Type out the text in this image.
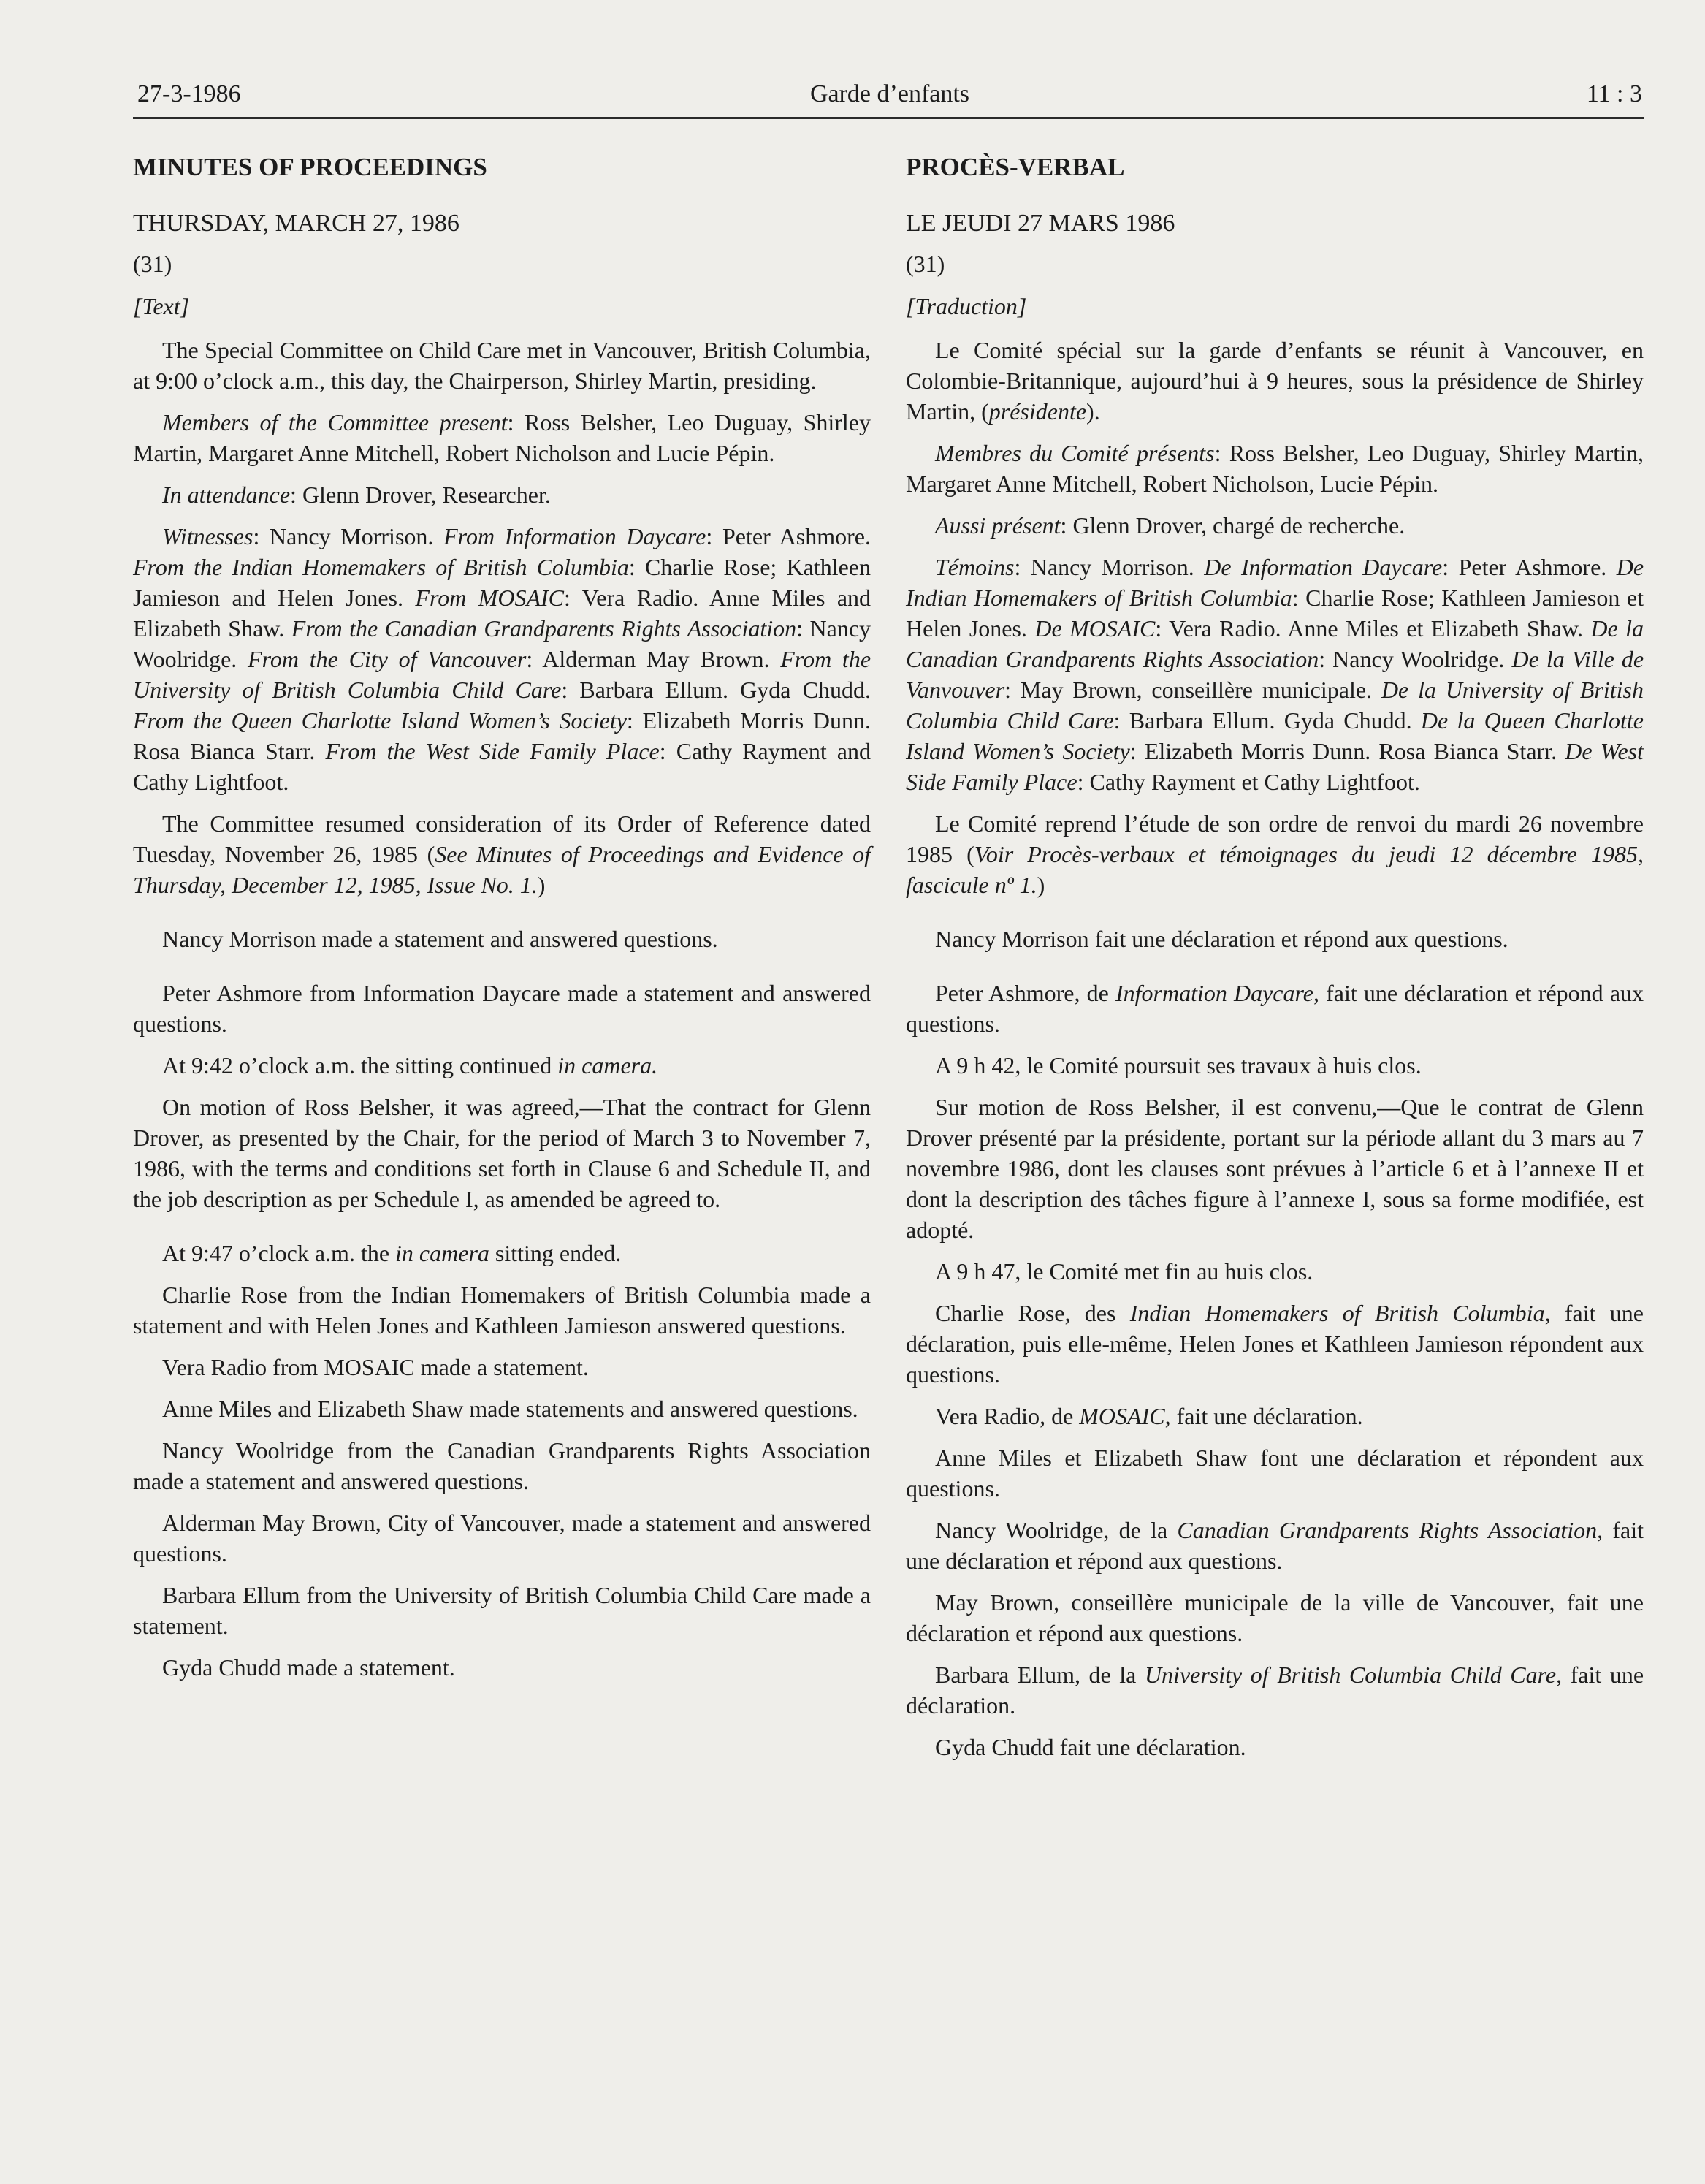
27-3-1986	Garde d’enfants	11 : 3

MINUTES OF PROCEEDINGS

THURSDAY, MARCH 27, 1986

(31)

[Text]

The Special Committee on Child Care met in Vancouver, British Columbia, at 9:00 o’clock a.m., this day, the Chairperson, Shirley Martin, presiding.

Members of the Committee present: Ross Belsher, Leo Duguay, Shirley Martin, Margaret Anne Mitchell, Robert Nicholson and Lucie Pépin.

In attendance: Glenn Drover, Researcher.

Witnesses: Nancy Morrison. From Information Daycare: Peter Ashmore. From the Indian Homemakers of British Columbia: Charlie Rose; Kathleen Jamieson and Helen Jones. From MOSAIC: Vera Radio. Anne Miles and Elizabeth Shaw. From the Canadian Grandparents Rights Association: Nancy Woolridge. From the City of Vancouver: Alderman May Brown. From the University of British Columbia Child Care: Barbara Ellum. Gyda Chudd. From the Queen Charlotte Island Women’s Society: Elizabeth Morris Dunn. Rosa Bianca Starr. From the West Side Family Place: Cathy Rayment and Cathy Lightfoot.

The Committee resumed consideration of its Order of Reference dated Tuesday, November 26, 1985 (See Minutes of Proceedings and Evidence of Thursday, December 12, 1985, Issue No. 1.)

Nancy Morrison made a statement and answered questions.

Peter Ashmore from Information Daycare made a statement and answered questions.

At 9:42 o’clock a.m. the sitting continued in camera.

On motion of Ross Belsher, it was agreed,—That the contract for Glenn Drover, as presented by the Chair, for the period of March 3 to November 7, 1986, with the terms and conditions set forth in Clause 6 and Schedule II, and the job description as per Schedule I, as amended be agreed to.

At 9:47 o’clock a.m. the in camera sitting ended.

Charlie Rose from the Indian Homemakers of British Columbia made a statement and with Helen Jones and Kathleen Jamieson answered questions.

Vera Radio from MOSAIC made a statement.

Anne Miles and Elizabeth Shaw made statements and answered questions.

Nancy Woolridge from the Canadian Grandparents Rights Association made a statement and answered questions.

Alderman May Brown, City of Vancouver, made a statement and answered questions.

Barbara Ellum from the University of British Columbia Child Care made a statement.

Gyda Chudd made a statement.

PROCÈS-VERBAL

LE JEUDI 27 MARS 1986

(31)

[Traduction]

Le Comité spécial sur la garde d’enfants se réunit à Vancouver, en Colombie-Britannique, aujourd’hui à 9 heures, sous la présidence de Shirley Martin, (présidente).

Membres du Comité présents: Ross Belsher, Leo Duguay, Shirley Martin, Margaret Anne Mitchell, Robert Nicholson, Lucie Pépin.

Aussi présent: Glenn Drover, chargé de recherche.

Témoins: Nancy Morrison. De Information Daycare: Peter Ashmore. De Indian Homemakers of British Columbia: Charlie Rose; Kathleen Jamieson et Helen Jones. De MOSAIC: Vera Radio. Anne Miles et Elizabeth Shaw. De la Canadian Grandparents Rights Association: Nancy Woolridge. De la Ville de Vanvouver: May Brown, conseillère municipale. De la University of British Columbia Child Care: Barbara Ellum. Gyda Chudd. De la Queen Charlotte Island Women’s Society: Elizabeth Morris Dunn. Rosa Bianca Starr. De West Side Family Place: Cathy Rayment et Cathy Lightfoot.

Le Comité reprend l’étude de son ordre de renvoi du mardi 26 novembre 1985 (Voir Procès-verbaux et témoignages du jeudi 12 décembre 1985, fascicule nº 1.)

Nancy Morrison fait une déclaration et répond aux questions.

Peter Ashmore, de Information Daycare, fait une déclaration et répond aux questions.

A 9 h 42, le Comité poursuit ses travaux à huis clos.

Sur motion de Ross Belsher, il est convenu,—Que le contrat de Glenn Drover présenté par la présidente, portant sur la période allant du 3 mars au 7 novembre 1986, dont les clauses sont prévues à l’article 6 et à l’annexe II et dont la description des tâches figure à l’annexe I, sous sa forme modifiée, est adopté.

A 9 h 47, le Comité met fin au huis clos.

Charlie Rose, des Indian Homemakers of British Columbia, fait une déclaration, puis elle-même, Helen Jones et Kathleen Jamieson répondent aux questions.

Vera Radio, de MOSAIC, fait une déclaration.

Anne Miles et Elizabeth Shaw font une déclaration et répondent aux questions.

Nancy Woolridge, de la Canadian Grandparents Rights Association, fait une déclaration et répond aux questions.

May Brown, conseillère municipale de la ville de Vancouver, fait une déclaration et répond aux questions.

Barbara Ellum, de la University of British Columbia Child Care, fait une déclaration.

Gyda Chudd fait une déclaration.
